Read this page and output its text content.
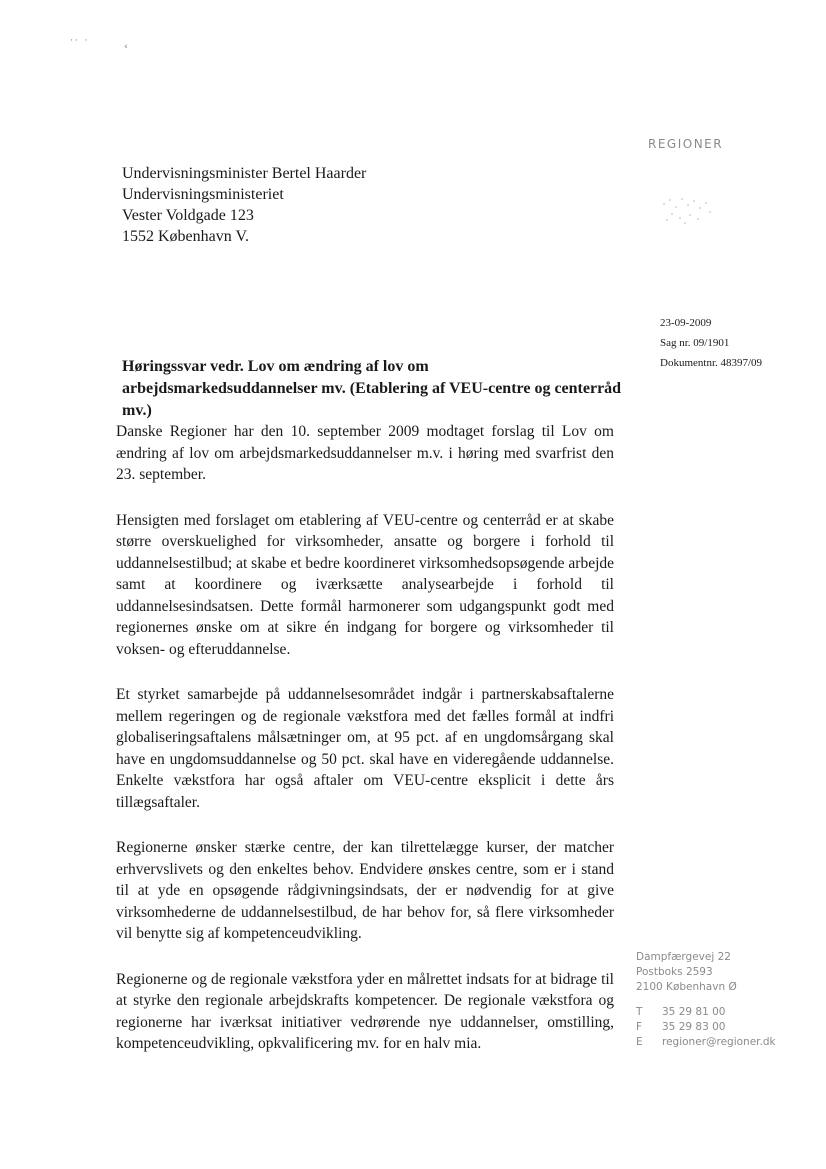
·· ·
‹
REGIONER
Undervisningsminister Bertel Haarder
Undervisningsministeriet
Vester Voldgade 123
1552 København V.
23-09-2009
Sag nr. 09/1901
Dokumentnr. 48397/09
Høringssvar vedr. Lov om ændring af lov om arbejdsmarkedsuddannelser mv. (Etablering af VEU-centre og centerråd mv.)

Danske Regioner har den 10. september 2009 modtaget forslag til Lov om ændring af lov om arbejdsmarkedsuddannelser m.v. i høring med svarfrist den 23. september.

Hensigten med forslaget om etablering af VEU-centre og centerråd er at skabe større overskuelighed for virksomheder, ansatte og borgere i forhold til uddannelsestilbud; at skabe et bedre koordineret virksomhedsopsøgende arbejde samt at koordinere og iværksætte analysearbejde i forhold til uddannelsesindsatsen. Dette formål harmonerer som udgangspunkt godt med regionernes ønske om at sikre én indgang for borgere og virksomheder til voksen- og efteruddannelse.

Et styrket samarbejde på uddannelsesområdet indgår i partnerskabsaftalerne mellem regeringen og de regionale vækstfora med det fælles formål at indfri globaliseringsaftalens målsætninger om, at 95 pct. af en ungdomsårgang skal have en ungdomsuddannelse og 50 pct. skal have en videregående uddannelse. Enkelte vækstfora har også aftaler om VEU-centre eksplicit i dette års tillægsaftaler.

Regionerne ønsker stærke centre, der kan tilrettelægge kurser, der matcher erhvervslivets og den enkeltes behov. Endvidere ønskes centre, som er i stand til at yde en opsøgende rådgivningsindsats, der er nødvendig for at give virksomhederne de uddannelsestilbud, de har behov for, så flere virksomheder vil benytte sig af kompetenceudvikling.

Regionerne og de regionale vækstfora yder en målrettet indsats for at bidrage til at styrke den regionale arbejdskrafts kompetencer. De regionale vækstfora og regionerne har iværksat initiativer vedrørende nye uddannelser, omstilling, kompetenceudvikling, opkvalificering mv. for en halv mia.

Dampfærgevej 22
Postboks 2593
2100 København Ø
T 35 29 81 00
F 35 29 83 00
E regioner@regioner.dk
